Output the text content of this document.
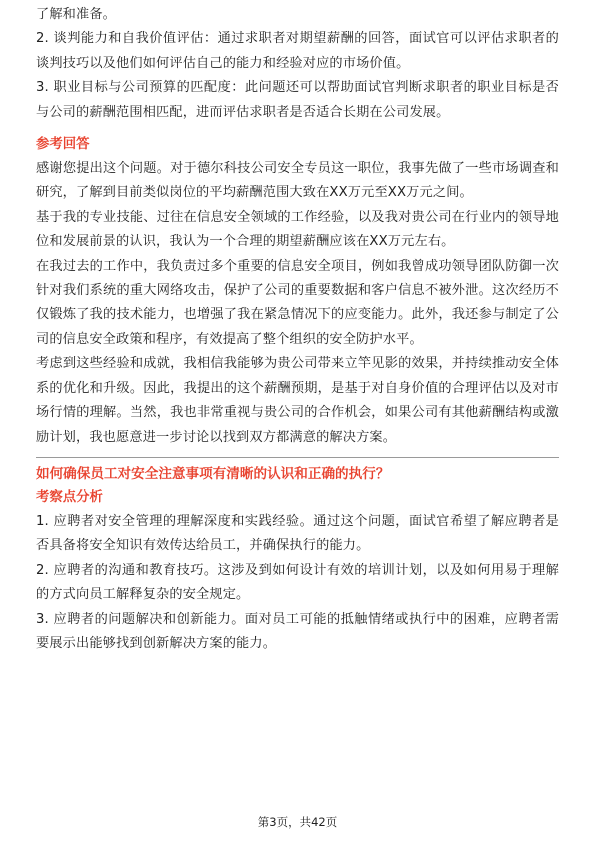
了解和准备。

2. 谈判能力和自我价值评估：通过求职者对期望薪酬的回答，面试官可以评估求职者的谈判技巧以及他们如何评估自己的能力和经验对应的市场价值。

3. 职业目标与公司预算的匹配度：此问题还可以帮助面试官判断求职者的职业目标是否与公司的薪酬范围相匹配，进而评估求职者是否适合长期在公司发展。

参考回答

感谢您提出这个问题。对于德尔科技公司安全专员这一职位，我事先做了一些市场调查和研究，了解到目前类似岗位的平均薪酬范围大致在XX万元至XX万元之间。

基于我的专业技能、过往在信息安全领域的工作经验，以及我对贵公司在行业内的领导地位和发展前景的认识，我认为一个合理的期望薪酬应该在XX万元左右。

在我过去的工作中，我负责过多个重要的信息安全项目，例如我曾成功领导团队防御一次针对我们系统的重大网络攻击，保护了公司的重要数据和客户信息不被外泄。这次经历不仅锻炼了我的技术能力，也增强了我在紧急情况下的应变能力。此外，我还参与制定了公司的信息安全政策和程序，有效提高了整个组织的安全防护水平。

考虑到这些经验和成就，我相信我能够为贵公司带来立竿见影的效果，并持续推动安全体系的优化和升级。因此，我提出的这个薪酬预期，是基于对自身价值的合理评估以及对市场行情的理解。当然，我也非常重视与贵公司的合作机会，如果公司有其他薪酬结构或激励计划，我也愿意进一步讨论以找到双方都满意的解决方案。

如何确保员工对安全注意事项有清晰的认识和正确的执行？

考察点分析

1. 应聘者对安全管理的理解深度和实践经验。通过这个问题，面试官希望了解应聘者是否具备将安全知识有效传达给员工，并确保执行的能力。

2. 应聘者的沟通和教育技巧。这涉及到如何设计有效的培训计划，以及如何用易于理解的方式向员工解释复杂的安全规定。

3. 应聘者的问题解决和创新能力。面对员工可能的抵触情绪或执行中的困难，应聘者需要展示出能够找到创新解决方案的能力。

第3页，共42页
